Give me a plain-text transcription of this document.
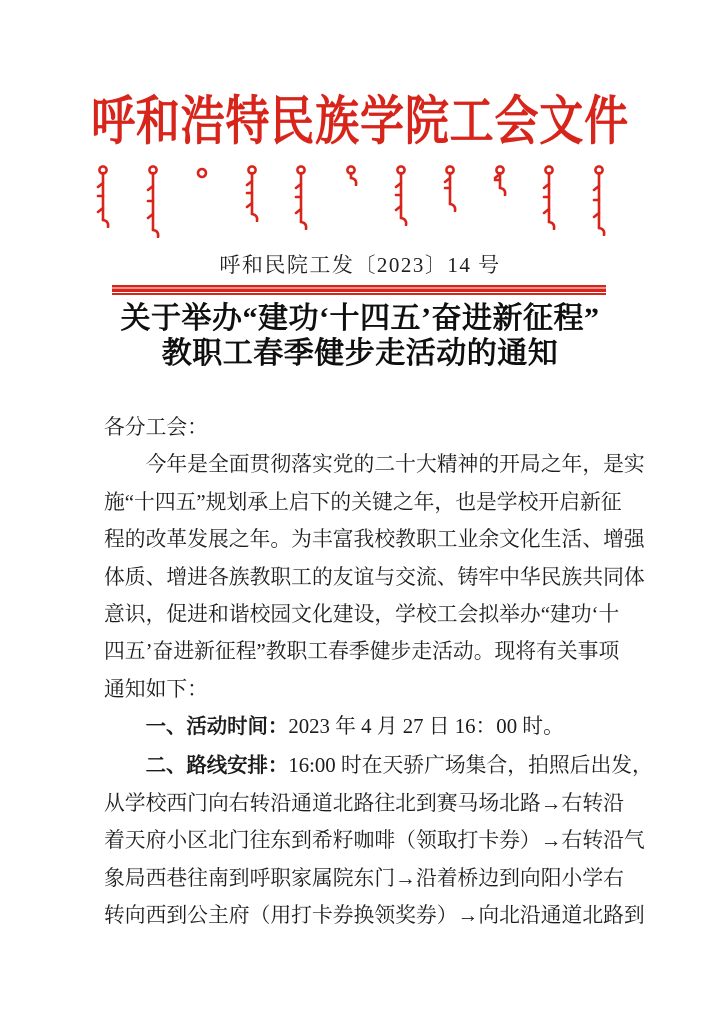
呼和浩特民族学院工会文件
呼和民院工发〔2023〕14 号
关于举办“建功‘十四五’奋进新征程”
教职工春季健步走活动的通知
各分工会：
今年是全面贯彻落实党的二十大精神的开局之年，是实
施“十四五”规划承上启下的关键之年，也是学校开启新征
程的改革发展之年。为丰富我校教职工业余文化生活、增强
体质、增进各族教职工的友谊与交流、铸牢中华民族共同体
意识，促进和谐校园文化建设，学校工会拟举办“建功‘十
四五’奋进新征程”教职工春季健步走活动。现将有关事项
通知如下：
一、活动时间：2023 年 4 月 27 日 16：00 时。
二、路线安排：16:00 时在天骄广场集合，拍照后出发，
从学校西门向右转沿通道北路往北到赛马场北路→右转沿
着天府小区北门往东到希籽咖啡（领取打卡券）→右转沿气
象局西巷往南到呼职家属院东门→沿着桥边到向阳小学右
转向西到公主府（用打卡券换领奖券）→向北沿通道北路到
